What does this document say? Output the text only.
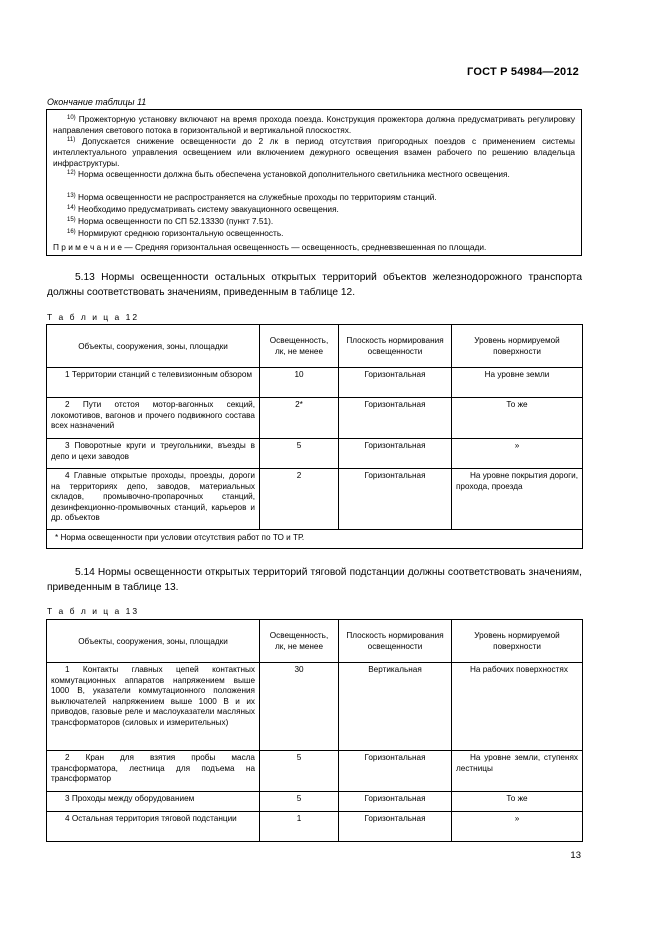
ГОСТ Р 54984—2012
Окончание таблицы 11
$^{10)}$ Прожекторную установку включают на время прохода поезда. Конструкция прожектора должна предусматривать регулировку направления светового потока в горизонтальной и вертикальной плоскостях.
$^{11)}$ Допускается снижение освещенности до 2 лк в период отсутствия пригородных поездов с применением системы интеллектуального управления освещением или включением дежурного освещения взамен рабочего по решению владельца инфраструктуры.
$^{12)}$ Норма освещенности должна быть обеспечена установкой дополнительного светильника местного освещения.
$^{13)}$ Норма освещенности не распространяется на служебные проходы по территориям станций.
$^{14)}$ Необходимо предусматривать систему эвакуационного освещения.
$^{15)}$ Норма освещенности по СП 52.13330 (пункт 7.51).
$^{16)}$ Нормируют среднюю горизонтальную освещенность.
П р и м е ч а н и е — Средняя горизонтальная освещенность — освещенность, средневзвешенная по площади.
5.13 Нормы освещенности остальных открытых территорий объектов железнодорожного транспорта должны соответствовать значениям, приведенным в таблице 12.
Т а б л и ц а 12
Объекты, сооружения, зоны, площадки	Освещенность, лк, не менее	Плоскость нормирования освещенности	Уровень нормируемой поверхности
1 Территории станций с телевизионным обзором	10	Горизонтальная	На уровне земли
2 Пути отстоя мотор-вагонных секций, локомотивов, вагонов и прочего подвижного состава всех назначений	2*	Горизонтальная	То же
3 Поворотные круги и треугольники, въезды в депо и цехи заводов	5	Горизонтальная	»
4 Главные открытые проходы, проезды, дороги на территориях депо, заводов, материальных складов, промывочно-пропарочных станций, дезинфекционно-промывочных станций, карьеров и др. объектов	2	Горизонтальная	На уровне покрытия дороги, прохода, проезда
* Норма освещенности при условии отсутствия работ по ТО и ТР.			
5.14 Нормы освещенности открытых территорий тяговой подстанции должны соответствовать значениям, приведенным в таблице 13.
Т а б л и ц а 13
Объекты, сооружения, зоны, площадки	Освещенность, лк, не менее	Плоскость нормирования освещенности	Уровень нормируемой поверхности
1 Контакты главных цепей контактных коммутационных аппаратов напряжением выше 1000 В, указатели коммутационного положения выключателей напряжением выше 1000 В и их приводов, газовые реле и маслоуказатели масляных трансформаторов (силовых и измерительных)	30	Вертикальная	На рабочих поверхностях
2 Кран для взятия пробы масла трансформатора, лестница для подъема на трансформатор	5	Горизонтальная	На уровне земли, ступенях лестницы
3 Проходы между оборудованием	5	Горизонтальная	То же
4 Остальная территория тяговой подстанции	1	Горизонтальная	»
13
